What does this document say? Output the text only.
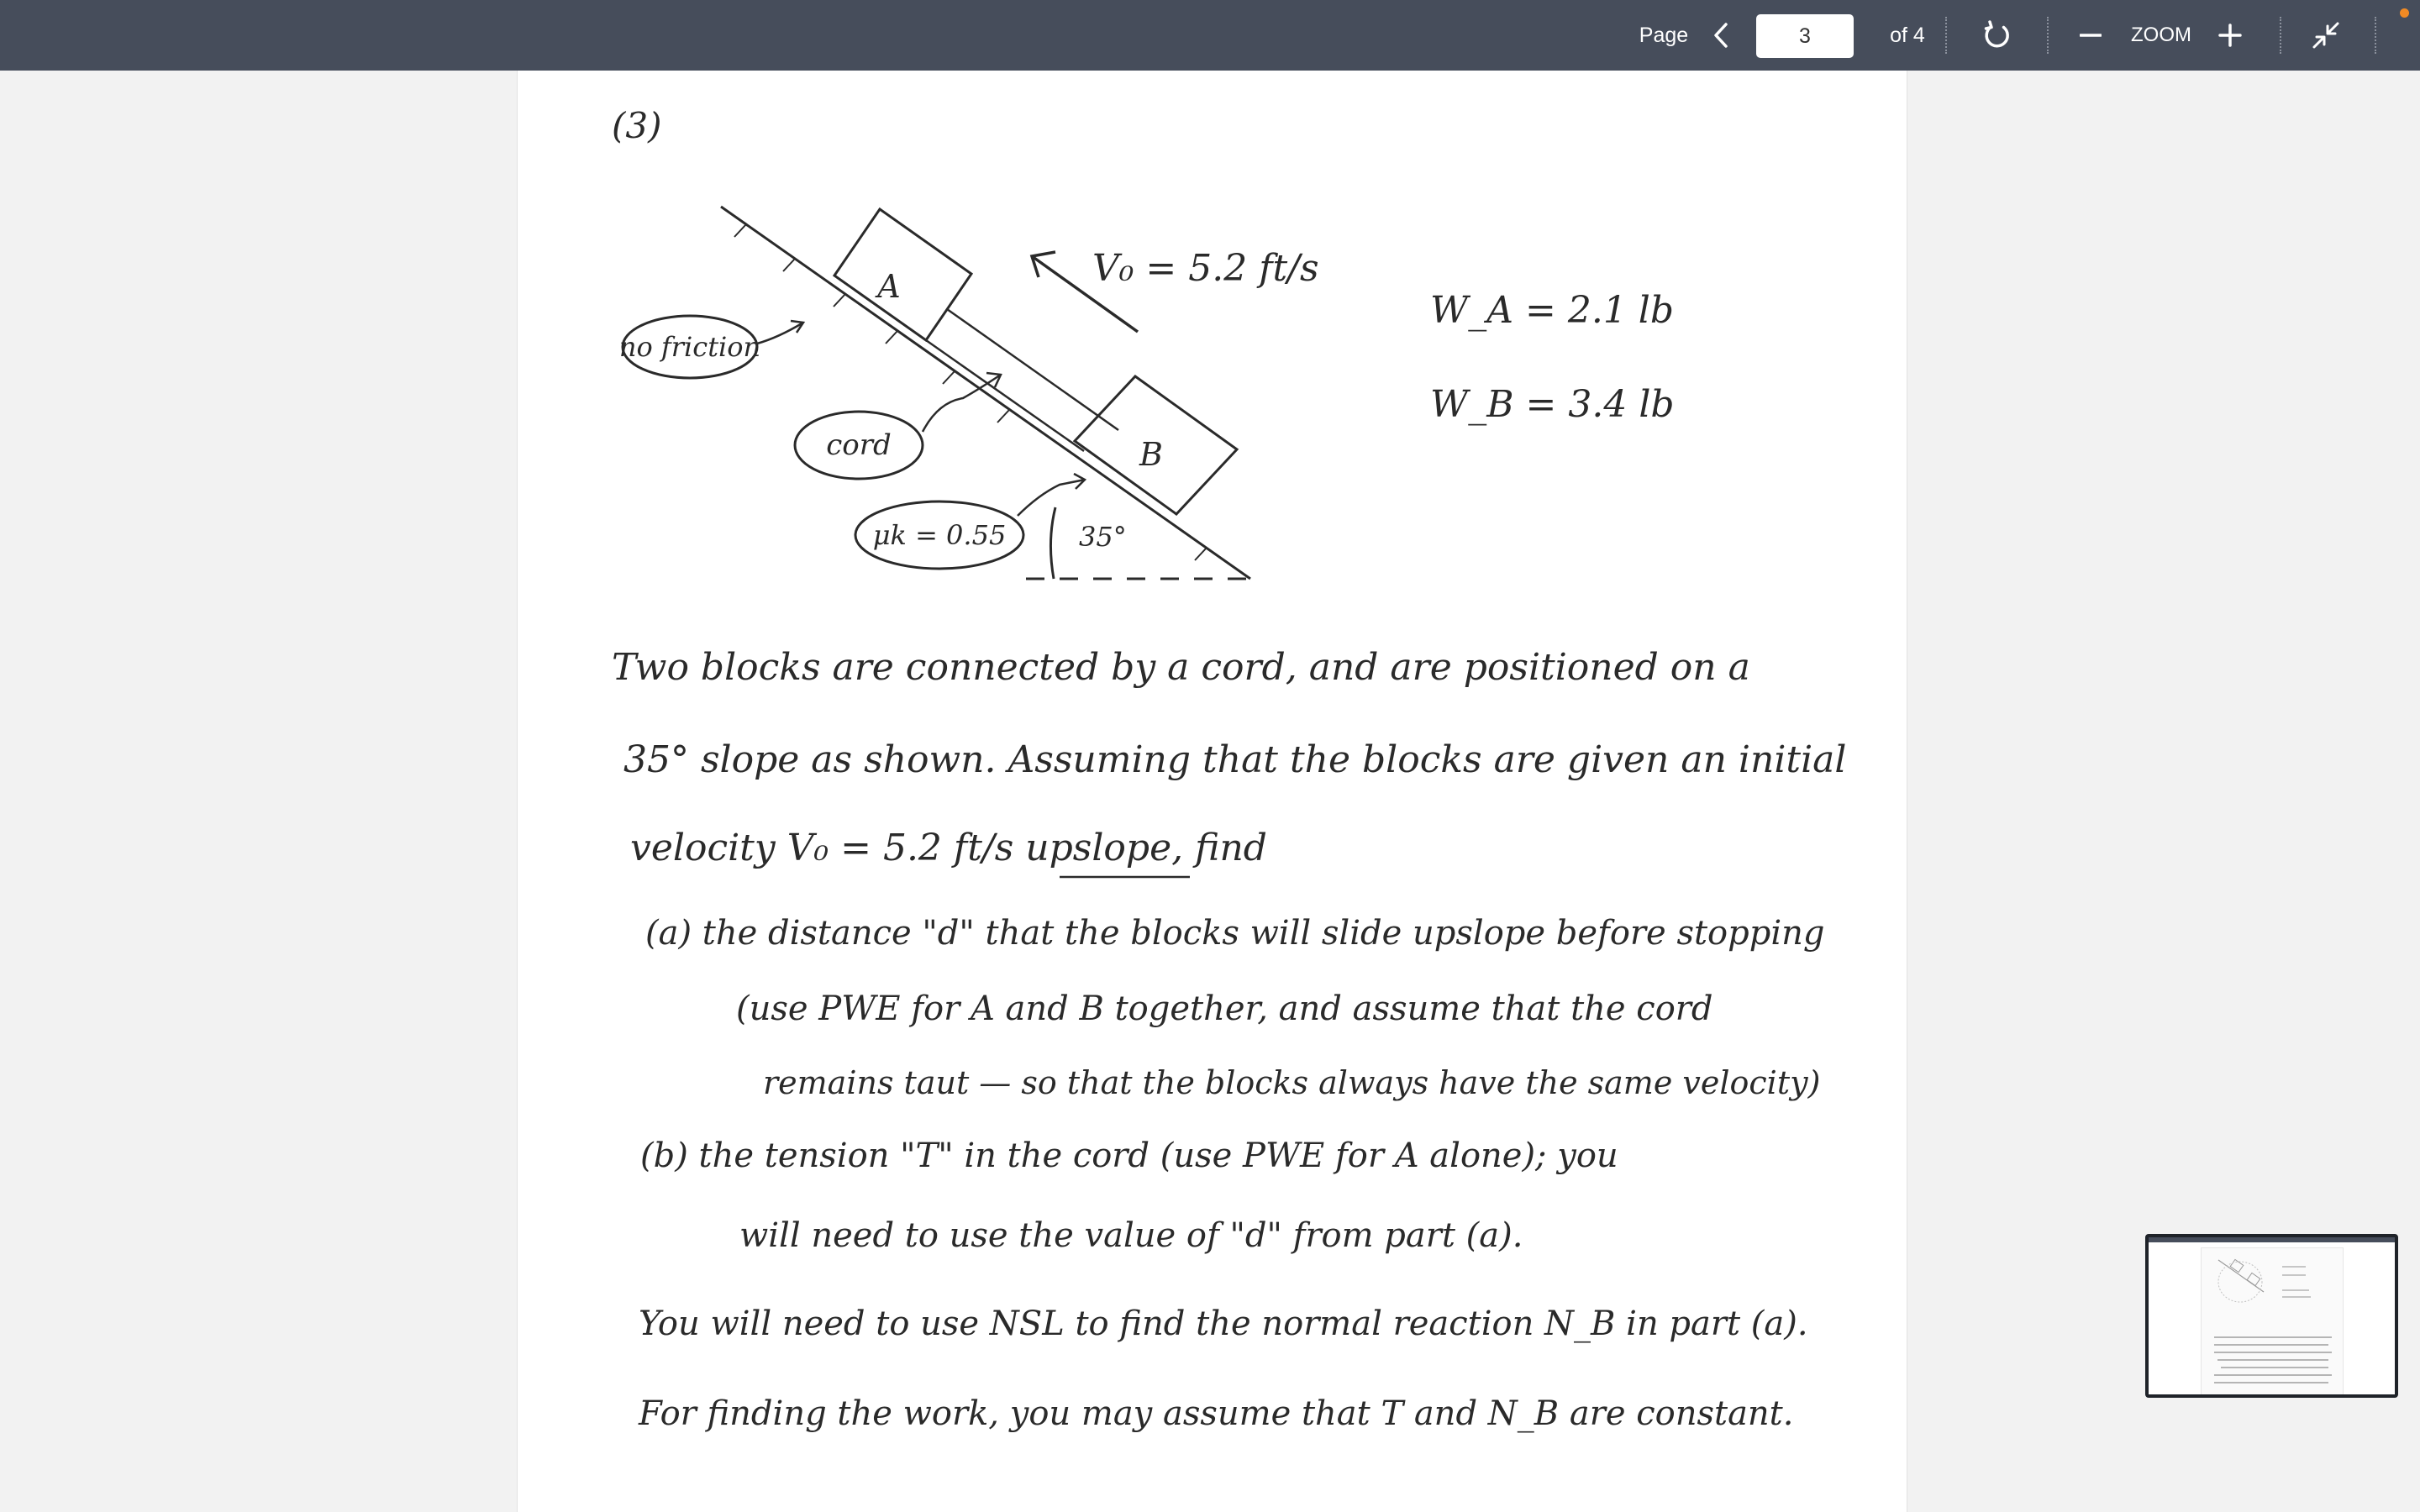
Page	3	of 4	ZOOM
(3)
A
B
V₀ = 5.2 ft/s
W_A = 2.1 lb
W_B = 3.4 lb
no friction
cord
μk = 0.55	35°
Two blocks are connected by a cord, and are positioned on a
35° slope as shown. Assuming that the blocks are given an initial
velocity V₀ = 5.2 ft/s upslope, find
(a) the distance "d" that the blocks will slide upslope before stopping
(use PWE for A and B together, and assume that the cord
remains taut — so that the blocks always have the same velocity)
(b) the tension "T" in the cord (use PWE for A alone); you
will need to use the value of "d" from part (a).
You will need to use NSL to find the normal reaction N_B in part (a).
For finding the work, you may assume that T and N_B are constant.
